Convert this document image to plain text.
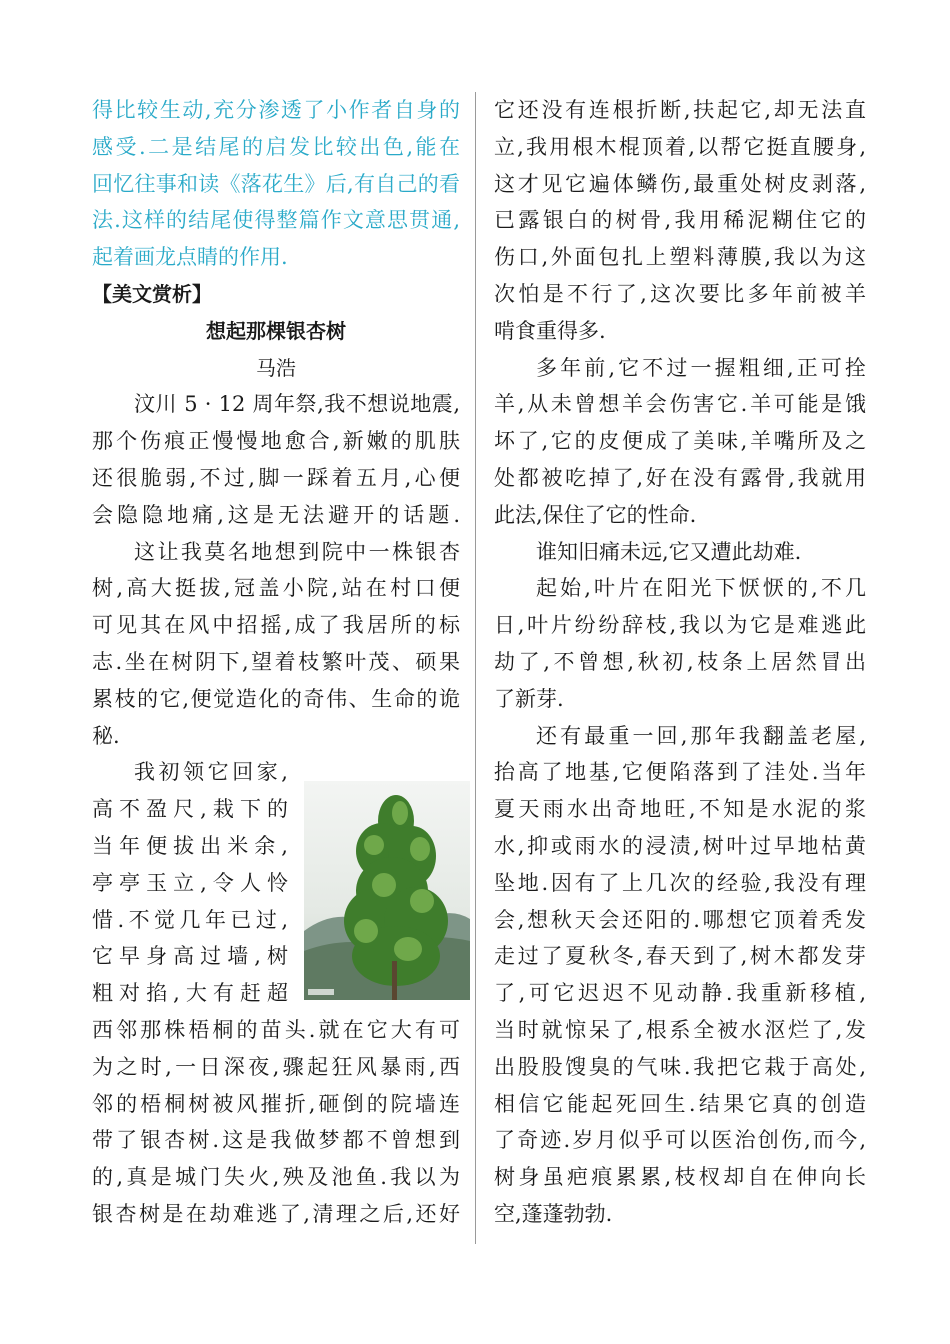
得比较生动,充分渗透了小作者自身的
感受.二是结尾的启发比较出色,能在
回忆往事和读《落花生》后,有自己的看
法.这样的结尾使得整篇作文意思贯通,
起着画龙点睛的作用.
【美文赏析】
想起那棵银杏树
马浩
汶川 5 · 12 周年祭,我不想说地震,
那个伤痕正慢慢地愈合,新嫩的肌肤
还很脆弱,不过,脚一踩着五月,心便
会隐隐地痛,这是无法避开的话题.
这让我莫名地想到院中一株银杏
树,高大挺拔,冠盖小院,站在村口便
可见其在风中招摇,成了我居所的标
志.坐在树阴下,望着枝繁叶茂、硕果
累枝的它,便觉造化的奇伟、生命的诡
秘.
我初领它回家,
高不盈尺,栽下的
当年便拔出米余,
亭亭玉立,令人怜
惜.不觉几年已过,
它早身高过墙,树
粗对掐,大有赶超
西邻那株梧桐的苗头.就在它大有可
为之时,一日深夜,骤起狂风暴雨,西
邻的梧桐树被风摧折,砸倒的院墙连
带了银杏树.这是我做梦都不曾想到
的,真是城门失火,殃及池鱼.我以为
银杏树是在劫难逃了,清理之后,还好
它还没有连根折断,扶起它,却无法直
立,我用根木棍顶着,以帮它挺直腰身,
这才见它遍体鳞伤,最重处树皮剥落,
已露银白的树骨,我用稀泥糊住它的
伤口,外面包扎上塑料薄膜,我以为这
次怕是不行了,这次要比多年前被羊
啃食重得多.
多年前,它不过一握粗细,正可拴
羊,从未曾想羊会伤害它.羊可能是饿
坏了,它的皮便成了美味,羊嘴所及之
处都被吃掉了,好在没有露骨,我就用
此法,保住了它的性命.
谁知旧痛未远,它又遭此劫难.
起始,叶片在阳光下恹恹的,不几
日,叶片纷纷辞枝,我以为它是难逃此
劫了,不曾想,秋初,枝条上居然冒出
了新芽.
还有最重一回,那年我翻盖老屋,
抬高了地基,它便陷落到了洼处.当年
夏天雨水出奇地旺,不知是水泥的浆
水,抑或雨水的浸渍,树叶过早地枯黄
坠地.因有了上几次的经验,我没有理
会,想秋天会还阳的.哪想它顶着秃发
走过了夏秋冬,春天到了,树木都发芽
了,可它迟迟不见动静.我重新移植,
当时就惊呆了,根系全被水沤烂了,发
出股股馊臭的气味.我把它栽于高处,
相信它能起死回生.结果它真的创造
了奇迹.岁月似乎可以医治创伤,而今,
树身虽疤痕累累,枝杈却自在伸向长
空,蓬蓬勃勃.
